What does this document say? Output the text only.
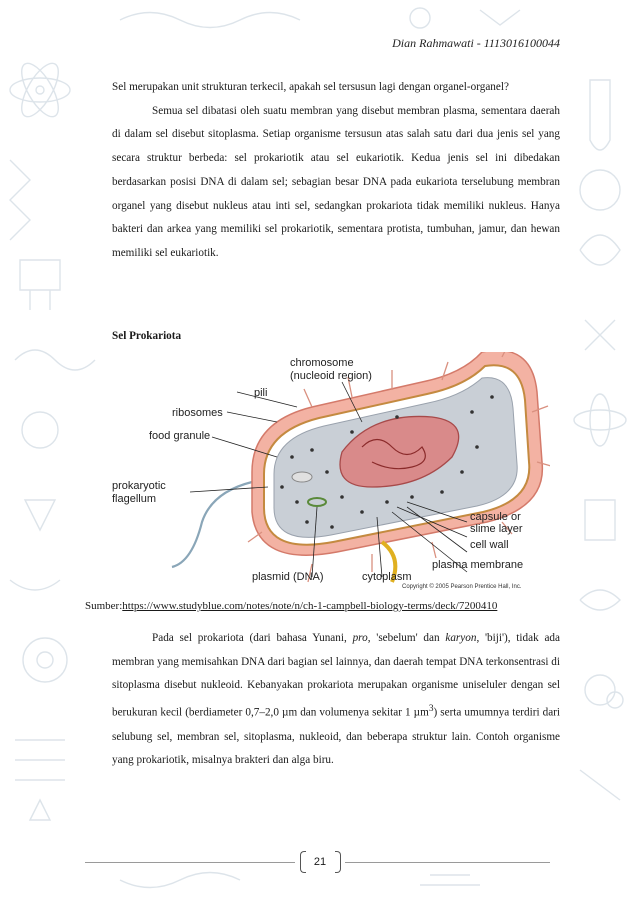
Dian Rahmawati - 1113016100044

Sel merupakan unit strukturan terkecil, apakah sel tersusun lagi dengan organel-organel?

Semua sel dibatasi oleh suatu membran yang disebut membran plasma, sementara daerah di dalam sel disebut sitoplasma. Setiap organisme tersusun atas salah satu dari dua jenis sel yang secara struktur berbeda: sel prokariotik atau sel eukariotik. Kedua jenis sel ini dibedakan berdasarkan posisi DNA di dalam sel; sebagian besar DNA pada eukariota terselubung membran organel yang disebut nukleus atau inti sel, sedangkan prokariota tidak memiliki nukleus. Hanya bakteri dan arkea yang memiliki sel prokariotik, sementara protista, tumbuhan, jamur, dan hewan memiliki sel eukariotik.

Sel Prokariota
chromosome
(nucleoid region)
pili
ribosomes
food granule
prokaryotic
flagellum
capsule or
slime layer
cell wall
plasmid (DNA)	cytoplasm
plasma membrane
Copyright © 2005 Pearson Prentice Hall, Inc.
Sumber:https://www.studyblue.com/notes/note/n/ch-1-campbell-biology-terms/deck/7200410

Pada sel prokariota (dari bahasa Yunani, pro, 'sebelum' dan karyon, 'biji'), tidak ada membran yang memisahkan DNA dari bagian sel lainnya, dan daerah tempat DNA terkonsentrasi di sitoplasma disebut nukleoid. Kebanyakan prokariota merupakan organisme uniseluler dengan sel berukuran kecil (berdiameter 0,7–2,0 µm dan volumenya sekitar 1 µm$^3$) serta umumnya terdiri dari selubung sel, membran sel, sitoplasma, nukleoid, dan beberapa struktur lain. Contoh organisme yang prokariotik, misalnya brakteri dan alga biru.

21
